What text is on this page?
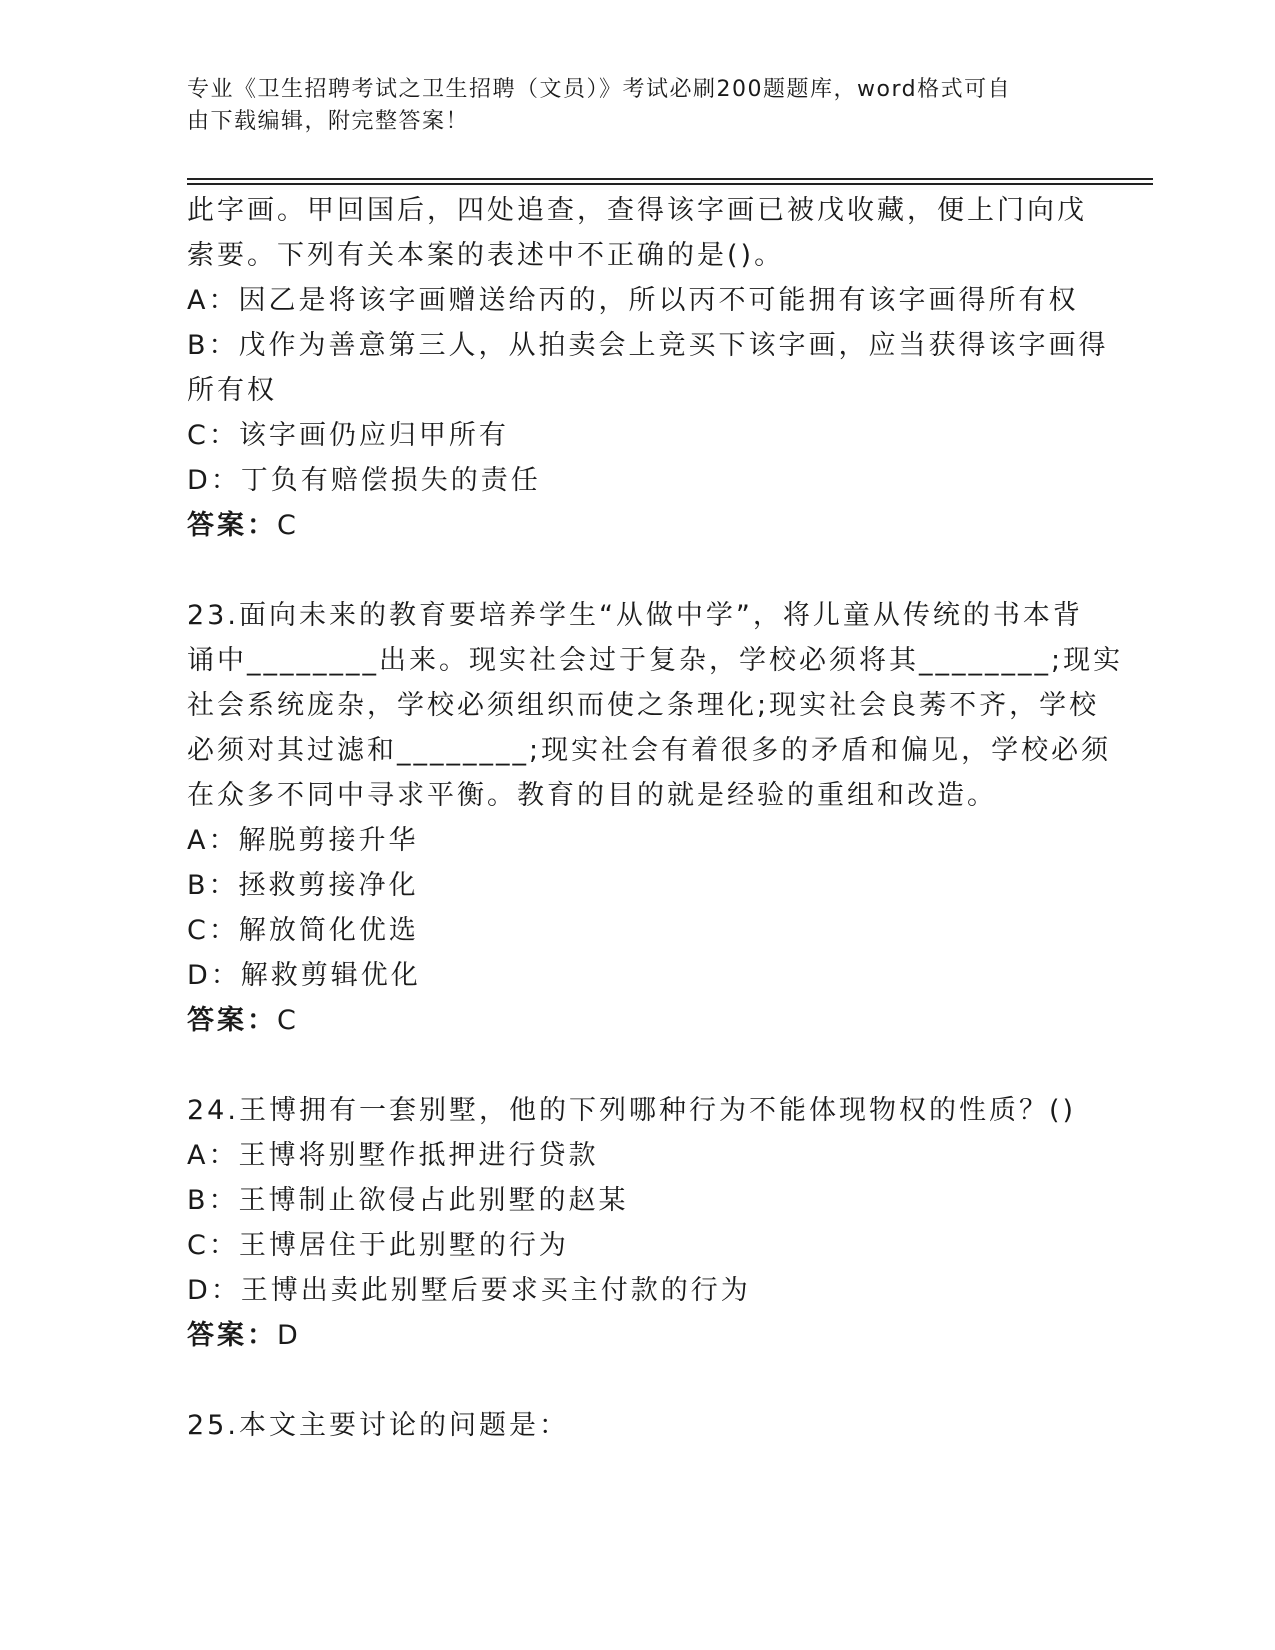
专业《卫生招聘考试之卫生招聘（文员）》考试必刷200题题库，word格式可自
由下载编辑，附完整答案！
此字画。甲回国后，四处追查，查得该字画已被戊收藏，便上门向戊
索要。下列有关本案的表述中不正确的是()。
A：因乙是将该字画赠送给丙的，所以丙不可能拥有该字画得所有权
B：戊作为善意第三人，从拍卖会上竞买下该字画，应当获得该字画得
所有权
C：该字画仍应归甲所有
D：丁负有赔偿损失的责任
答案：C
23.面向未来的教育要培养学生“从做中学”，将儿童从传统的书本背
诵中________出来。现实社会过于复杂，学校必须将其________;现实
社会系统庞杂，学校必须组织而使之条理化;现实社会良莠不齐，学校
必须对其过滤和________;现实社会有着很多的矛盾和偏见，学校必须
在众多不同中寻求平衡。教育的目的就是经验的重组和改造。
A：解脱剪接升华
B：拯救剪接净化
C：解放简化优选
D：解救剪辑优化
答案：C
24.王博拥有一套别墅，他的下列哪种行为不能体现物权的性质？()
A：王博将别墅作抵押进行贷款
B：王博制止欲侵占此别墅的赵某
C：王博居住于此别墅的行为
D：王博出卖此别墅后要求买主付款的行为
答案：D
25.本文主要讨论的问题是：
